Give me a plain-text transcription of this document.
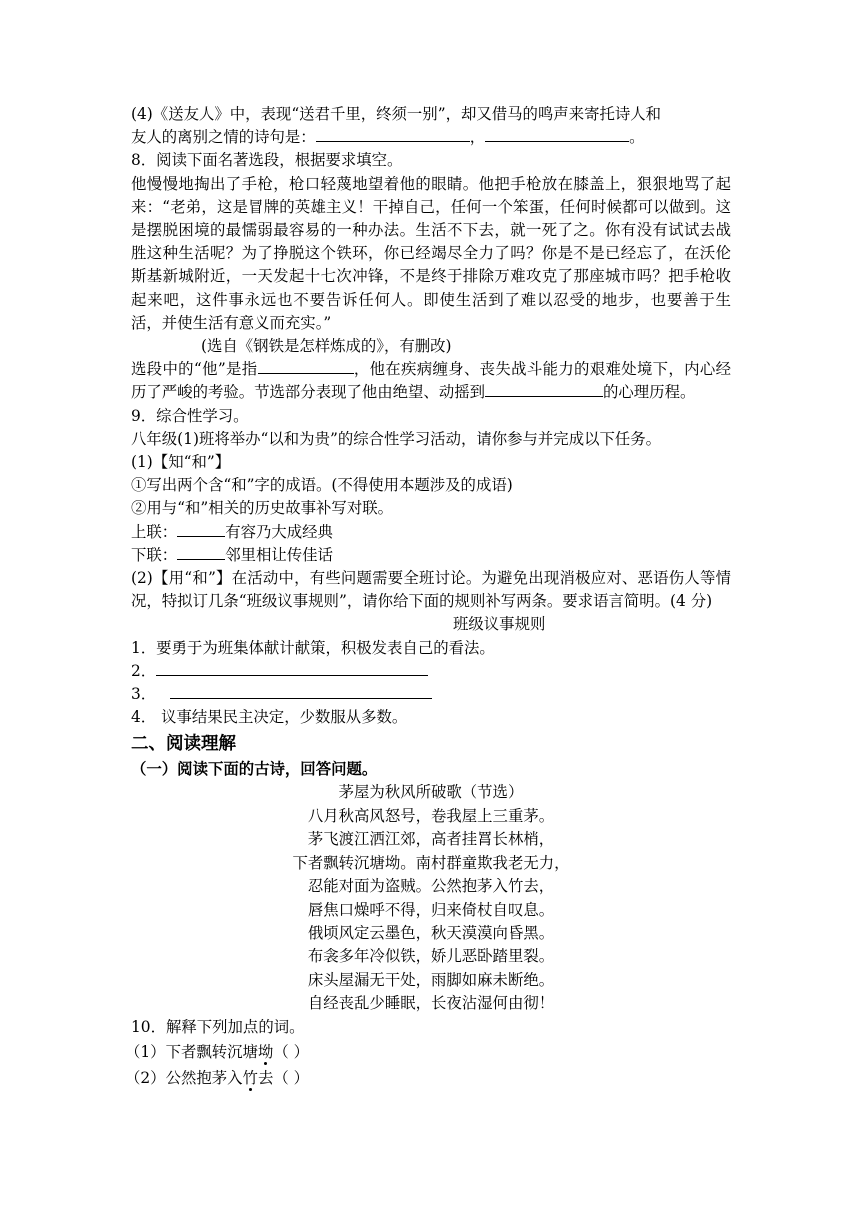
(4)《送友人》中，表现“送君千里，终须一别”，却又借马的鸣声来寄托诗人和

友人的离别之情的诗句是：	，	。

8．阅读下面名著选段，根据要求填空。

他慢慢地掏出了手枪，枪口轻蔑地望着他的眼睛。他把手枪放在膝盖上，狠狠地骂了起来：“老弟，这是冒牌的英雄主义！干掉自己，任何一个笨蛋，任何时候都可以做到。这是摆脱困境的最懦弱最容易的一种办法。生活不下去，就一死了之。你有没有试试去战胜这种生活呢？为了挣脱这个铁环，你已经竭尽全力了吗？你是不是已经忘了，在沃伦斯基新城附近，一天发起十七次冲锋，不是终于排除万难攻克了那座城市吗？把手枪收起来吧，这件事永远也不要告诉任何人。即使生活到了难以忍受的地步，也要善于生活，并使生活有意义而充实。”

(选自《钢铁是怎样炼成的》，有删改)

选段中的“他”是指	，他在疾病缠身、丧失战斗能力的艰难处境下，内心经历了严峻的考验。节选部分表现了他由绝望、动摇到	的心理历程。

9．综合性学习。

八年级(1)班将举办“以和为贵”的综合性学习活动，请你参与并完成以下任务。

(1)【知“和”】

①写出两个含“和”字的成语。(不得使用本题涉及的成语)

②用与“和”相关的历史故事补写对联。

上联：	有容乃大成经典

下联：	邻里相让传佳话

(2)【用“和”】在活动中，有些问题需要全班讨论。为避免出现消极应对、恶语伤人等情况，特拟订几条“班级议事规则”，请你给下面的规则补写两条。要求语言简明。(4 分)

班级议事规则

1．要勇于为班集体献计献策，积极发表自己的看法。

2．

3．

4． 议事结果民主决定，少数服从多数。

二、阅读理解

（一）阅读下面的古诗，回答问题。

茅屋为秋风所破歌（节选）

八月秋高风怒号，卷我屋上三重茅。

茅飞渡江洒江郊，高者挂罥长林梢，

下者飘转沉塘坳。南村群童欺我老无力，

忍能对面为盗贼。公然抱茅入竹去，

唇焦口燥呼不得，归来倚杖自叹息。

俄顷风定云墨色，秋天漠漠向昏黑。

布衾多年冷似铁，娇儿恶卧踏里裂。

床头屋漏无干处，雨脚如麻未断绝。

自经丧乱少睡眠，长夜沾湿何由彻！

10．解释下列加点的词。

（1）下者飘转沉塘坳（ ）

（2）公然抱茅入竹去（ ）
